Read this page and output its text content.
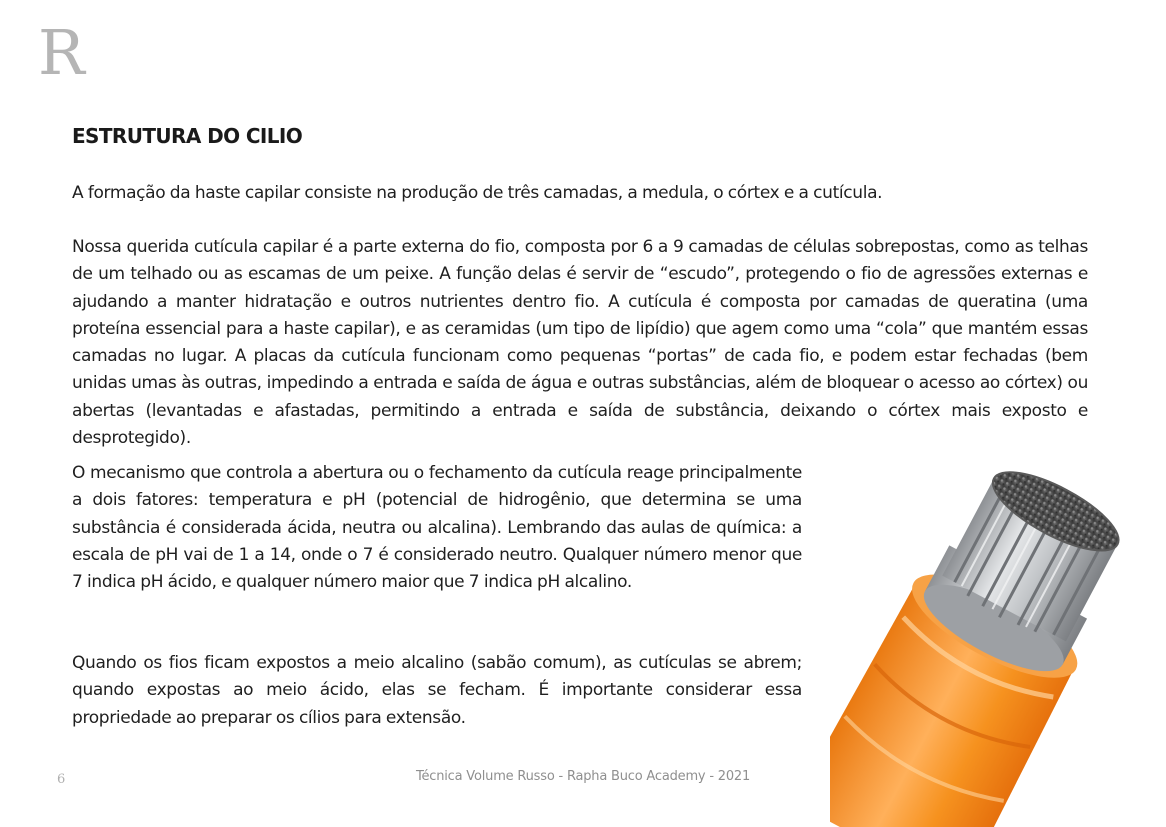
R
ESTRUTURA DO CILIO

A formação da haste capilar consiste na produção de três camadas, a medula, o córtex e a cutícula.

Nossa querida cutícula capilar é a parte externa do fio, composta por 6 a 9 camadas de células sobrepostas, como as telhas de um telhado ou as escamas de um peixe. A função delas é servir de “escudo”, protegendo o fio de agressões externas e ajudando a manter hidratação e outros nutrientes dentro fio. A cutícula é composta por camadas de queratina (uma proteína essencial para a haste capilar), e as ceramidas (um tipo de lipídio) que agem como uma “cola” que mantém essas camadas no lugar. A placas da cutícula funcionam como pequenas “portas” de cada fio, e podem estar fechadas (bem unidas umas às outras, impedindo a entrada e saída de água e outras substâncias, além de bloquear o acesso ao córtex) ou abertas (levantadas e afastadas, permitindo a entrada e saída de substância, deixando o córtex mais exposto e desprotegido).

O mecanismo que controla a abertura ou o fechamento da cutícula reage principalmente a dois fatores: temperatura e pH (potencial de hidrogênio, que determina se uma substância é considerada ácida, neutra ou alcalina). Lembrando das aulas de química: a escala de pH vai de 1 a 14, onde o 7 é considerado neutro. Qualquer número menor que 7 indica pH ácido, e qualquer número maior que 7 indica pH alcalino.

Quando os fios ficam expostos a meio alcalino (sabão comum), as cutículas se abrem; quando expostas ao meio ácido, elas se fecham. É importante considerar essa propriedade ao preparar os cílios para extensão.

6	Técnica Volume Russo - Rapha Buco Academy - 2021
